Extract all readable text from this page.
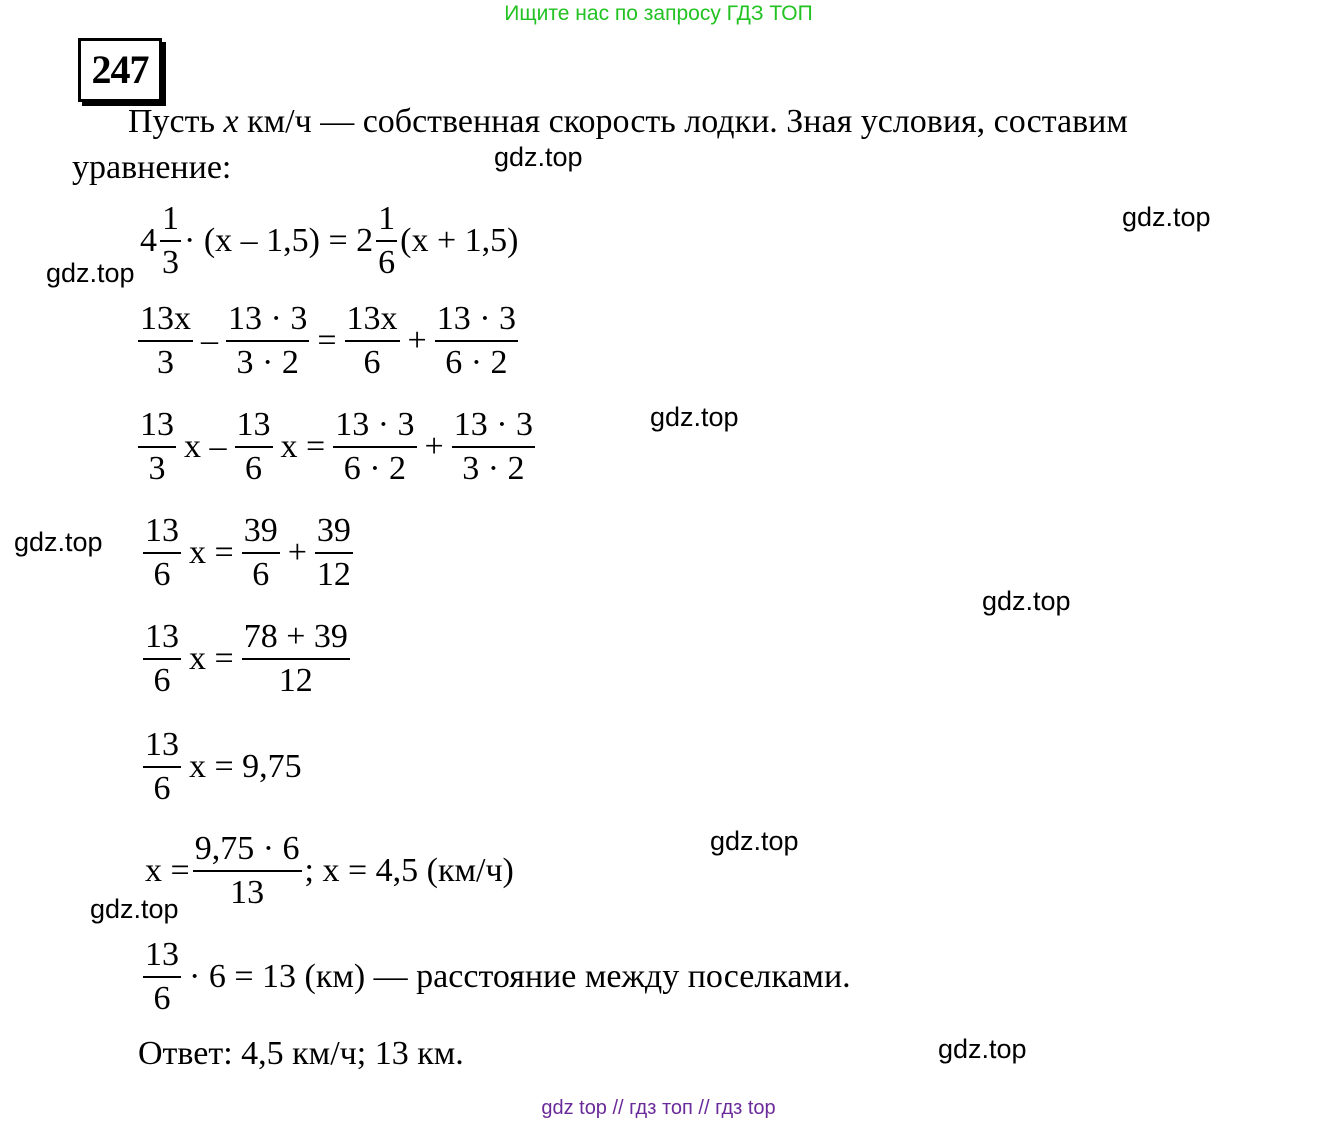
Ищите нас по запросу ГДЗ ТОП
247
Пусть x км/ч — собственная скорость лодки. Зная условия, составим
уравнение:
$4 \frac{1}{3} \cdot (x - 1,5) = 2 \frac{1}{6} (x + 1,5)$
$\frac{13x}{3} - \frac{13 \cdot 3}{3 \cdot 2} = \frac{13x}{6} + \frac{13 \cdot 3}{6 \cdot 2}$
$\frac{13}{3}$ x – $\frac{13}{6}$ $x = \frac{13 \cdot 3}{6 \cdot 2} + \frac{13 \cdot 3}{3 \cdot 2}$
$\frac{13}{6}$ $x = \frac{39}{6} + \frac{39}{12}$
$\frac{13}{6}$ $x = \frac{78 + 39}{12}$
$\frac{13}{6}$ x = 9,75
$x = \frac{9,75 \cdot 6}{13}$ ; x = 4,5 (км/ч)
$\frac{13}{6} \cdot 6 = 13$ (км) — расстояние между поселками.
Ответ: 4,5 км/ч; 13 км.
gdz.top
gdz.top
gdz.top
gdz.top
gdz.top
gdz.top
gdz.top
gdz.top
gdz.top
gdz top // гдз топ // гдз top
